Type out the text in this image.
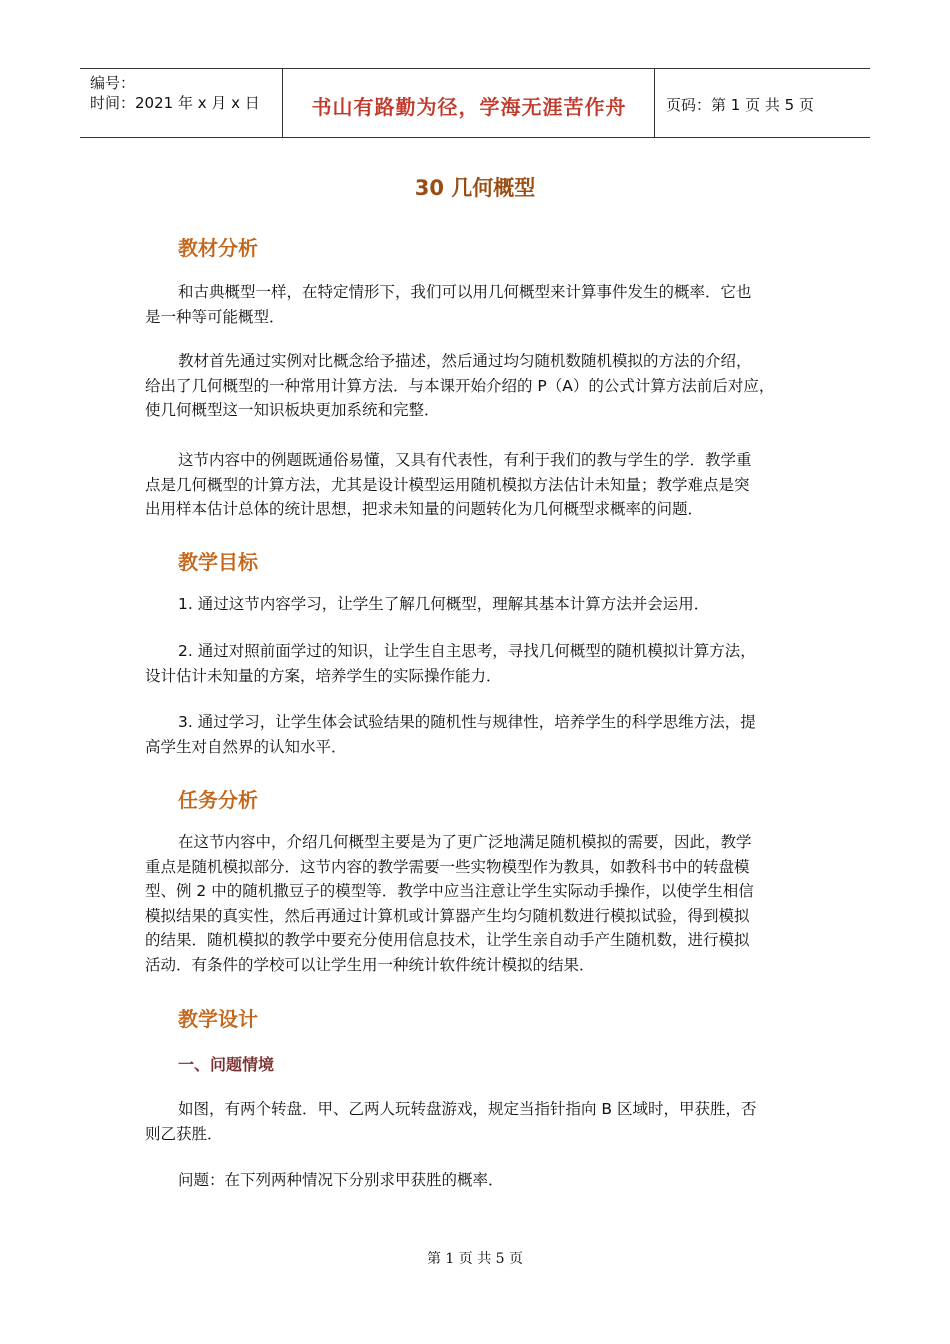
编号：
时间：2021 年 x 月 x 日	书山有路勤为径，学海无涯苦作舟	页码：第 1 页 共 5 页
30 几何概型
教材分析
和古典概型一样，在特定情形下，我们可以用几何概型来计算事件发生的概率．它也
是一种等可能概型．
教材首先通过实例对比概念给予描述，然后通过均匀随机数随机模拟的方法的介绍，
给出了几何概型的一种常用计算方法．与本课开始介绍的 P（A）的公式计算方法前后对应，
使几何概型这一知识板块更加系统和完整．
这节内容中的例题既通俗易懂，又具有代表性，有利于我们的教与学生的学．教学重
点是几何概型的计算方法，尤其是设计模型运用随机模拟方法估计未知量；教学难点是突
出用样本估计总体的统计思想，把求未知量的问题转化为几何概型求概率的问题．
教学目标
1. 通过这节内容学习，让学生了解几何概型，理解其基本计算方法并会运用．
2. 通过对照前面学过的知识，让学生自主思考，寻找几何概型的随机模拟计算方法，
设计估计未知量的方案，培养学生的实际操作能力．
3. 通过学习，让学生体会试验结果的随机性与规律性，培养学生的科学思维方法，提
高学生对自然界的认知水平．
任务分析
在这节内容中，介绍几何概型主要是为了更广泛地满足随机模拟的需要，因此，教学
重点是随机模拟部分．这节内容的教学需要一些实物模型作为教具，如教科书中的转盘模
型、例 2 中的随机撒豆子的模型等．教学中应当注意让学生实际动手操作，以使学生相信
模拟结果的真实性，然后再通过计算机或计算器产生均匀随机数进行模拟试验，得到模拟
的结果．随机模拟的教学中要充分使用信息技术，让学生亲自动手产生随机数，进行模拟
活动．有条件的学校可以让学生用一种统计软件统计模拟的结果．
教学设计
一、问题情境
如图，有两个转盘．甲、乙两人玩转盘游戏，规定当指针指向 B 区域时，甲获胜，否
则乙获胜．
问题：在下列两种情况下分别求甲获胜的概率．
第 1 页 共 5 页
